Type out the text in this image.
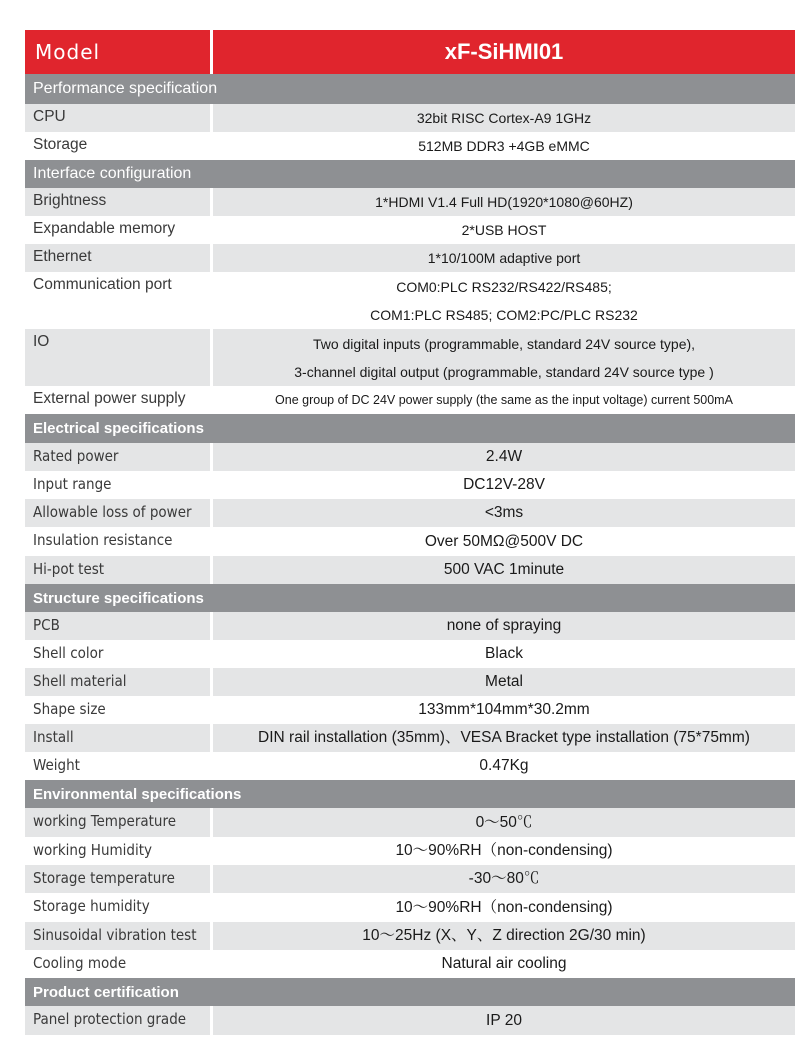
Model	xF-SiHMI01
Performance specification
CPU	32bit RISC Cortex-A9 1GHz
Storage	512MB DDR3 +4GB eMMC
Interface configuration
Brightness	1*HDMI V1.4 Full HD(1920*1080@60HZ)
Expandable memory	2*USB HOST
Ethernet	1*10/100M adaptive port
Communication port	COM0:PLC RS232/RS422/RS485;
COM1:PLC RS485; COM2:PC/PLC RS232
IO	Two digital inputs (programmable, standard 24V source type),
3-channel digital output (programmable, standard 24V source type )
External power supply	One group of DC 24V power supply (the same as the input voltage) current 500mA
Electrical specifications
Rated power	2.4W
Input range	DC12V-28V
Allowable loss of power	<3ms
Insulation resistance	Over 50MΩ@500V DC
Hi-pot test	500 VAC 1minute
Structure specifications
PCB	none of spraying
Shell color	Black
Shell material	Metal
Shape size	133mm*104mm*30.2mm
Install	DIN rail installation (35mm)、VESA Bracket type installation (75*75mm)
Weight	0.47Kg
Environmental specifications
working Temperature	0～50℃
working Humidity	10～90%RH（non-condensing)
Storage temperature	-30～80℃
Storage humidity	10～90%RH（non-condensing)
Sinusoidal vibration test	10～25Hz (X、Y、Z direction 2G/30 min)
Cooling mode	Natural air cooling
Product certification
Panel protection grade	IP 20
